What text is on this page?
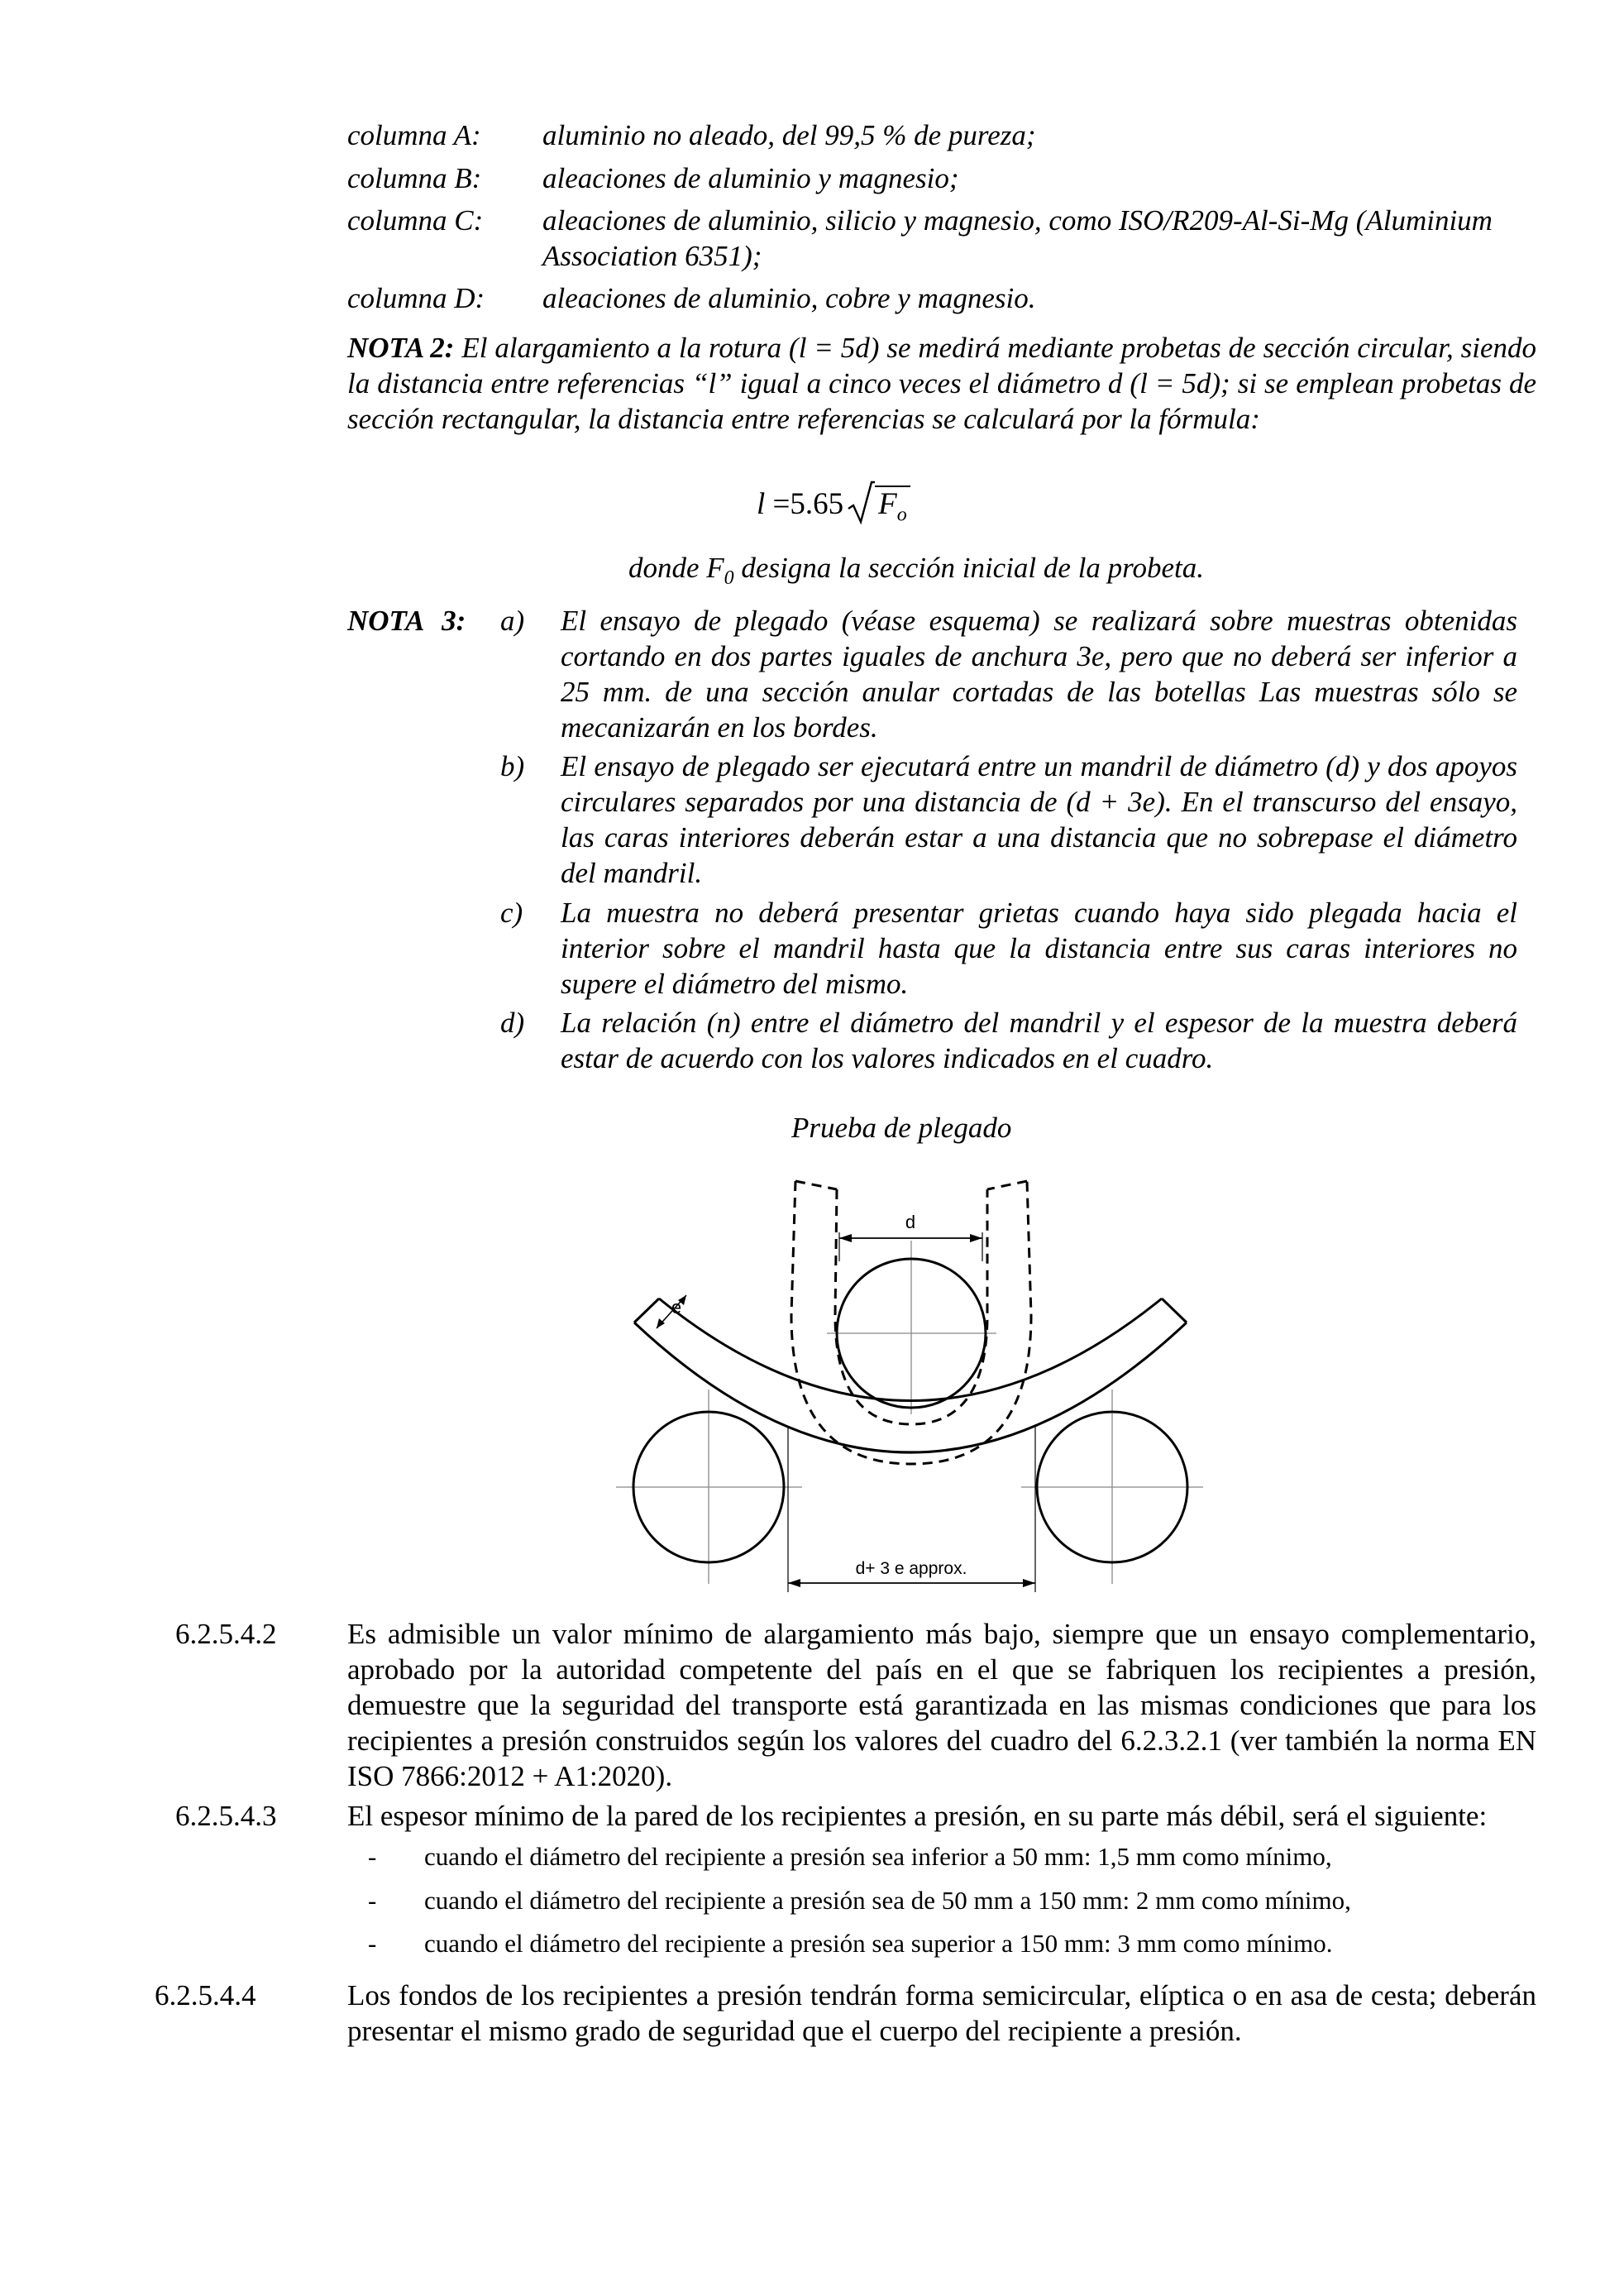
columna A: aluminio no aleado, del 99,5 % de pureza;
columna B: aleaciones de aluminio y magnesio;
columna C: aleaciones de aluminio, silicio y magnesio, como ISO/R209-Al-Si-Mg (Aluminium Association 6351);
columna D: aleaciones de aluminio, cobre y magnesio.
NOTA 2: El alargamiento a la rotura (l = 5d) se medirá mediante probetas de sección circular, siendo la distancia entre referencias “l” igual a cinco veces el diámetro d (l = 5d); si se emplean probetas de sección rectangular, la distancia entre referencias se calculará por la fórmula:
l =5.65 $F_o$
donde $F_0$ designa la sección inicial de la probeta.
NOTA 3: a) El ensayo de plegado (véase esquema) se realizará sobre muestras obtenidas cortando en dos partes iguales de anchura 3e, pero que no deberá ser inferior a 25 mm. de una sección anular cortadas de las botellas Las muestras sólo se mecanizarán en los bordes.
b) El ensayo de plegado ser ejecutará entre un mandril de diámetro (d) y dos apoyos circulares separados por una distancia de (d + 3e). En el transcurso del ensayo, las caras interiores deberán estar a una distancia que no sobrepase el diámetro del mandril.
c) La muestra no deberá presentar grietas cuando haya sido plegada hacia el interior sobre el mandril hasta que la distancia entre sus caras interiores no supere el diámetro del mismo.
d) La relación (n) entre el diámetro del mandril y el espesor de la muestra deberá estar de acuerdo con los valores indicados en el cuadro.
Prueba de plegado
d
e
d+ 3 e approx.
6.2.5.4.2 Es admisible un valor mínimo de alargamiento más bajo, siempre que un ensayo complementario, aprobado por la autoridad competente del país en el que se fabriquen los recipientes a presión, demuestre que la seguridad del transporte está garantizada en las mismas condiciones que para los recipientes a presión construidos según los valores del cuadro del 6.2.3.2.1 (ver también la norma EN ISO 7866:2012 + A1:2020).
6.2.5.4.3 El espesor mínimo de la pared de los recipientes a presión, en su parte más débil, será el siguiente:
- cuando el diámetro del recipiente a presión sea inferior a 50 mm: 1,5 mm como mínimo,
- cuando el diámetro del recipiente a presión sea de 50 mm a 150 mm: 2 mm como mínimo,
- cuando el diámetro del recipiente a presión sea superior a 150 mm: 3 mm como mínimo.
6.2.5.4.4	Los fondos de los recipientes a presión tendrán forma semicircular, elíptica o en asa de cesta; deberán presentar el mismo grado de seguridad que el cuerpo del recipiente a presión.
